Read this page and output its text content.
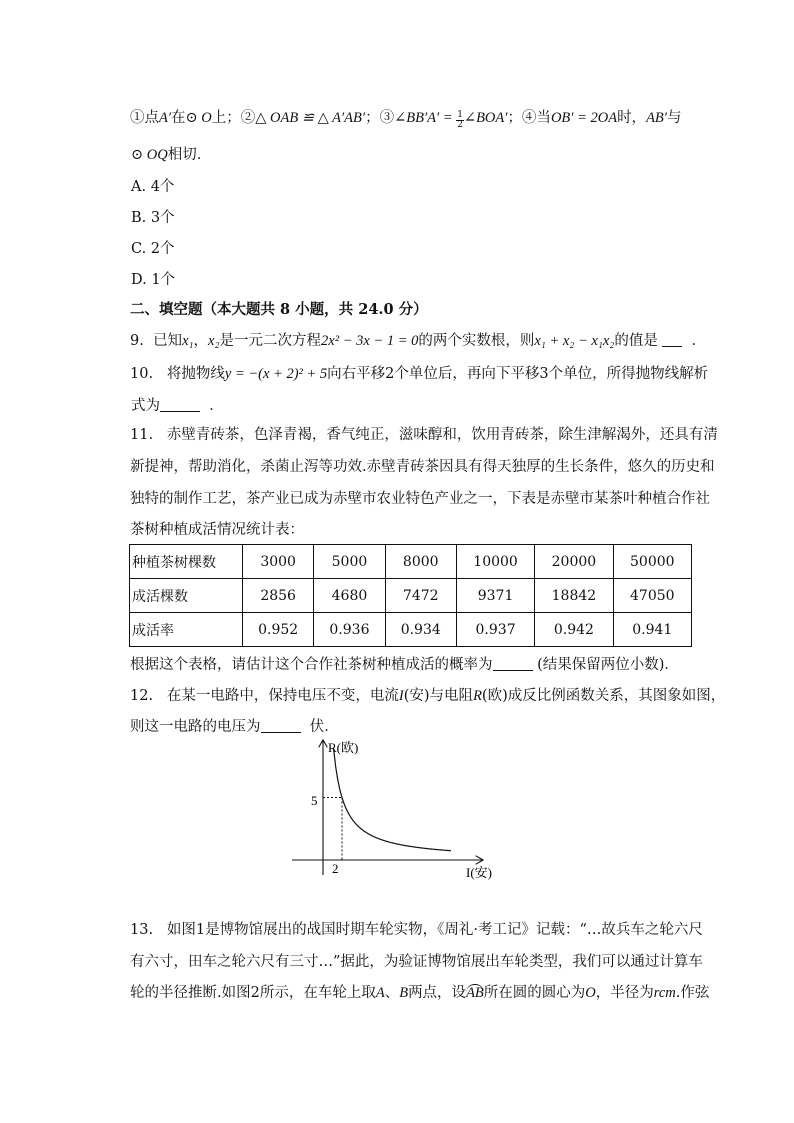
①点A′在⊙ O上；②△ OAB ≌ △ A′AB′；③∠BB′A′ = $\frac{1}{2}$ ∠BOA′；④当OB′ = 2OA时，AB′与
⊙ OQ相切．
A. 4个
B. 3个
C. 2个
D. 1个
二、填空题（本大题共 8 小题，共 24.0 分）
9. 已知x₁，x₂是一元二次方程2x² − 3x − 1 = 0的两个实数根，则x₁ + x₂ − x₁x₂的值是 ．
10. 将抛物线y = −(x + 2)² + 5向右平移2个单位后，再向下平移3个单位，所得抛物线解析
式为	．
11. 赤壁青砖茶，色泽青褐，香气纯正，滋味醇和，饮用青砖茶，除生津解渴外，还具有清
新提神，帮助消化，杀菌止泻等功效.赤壁青砖茶因具有得天独厚的生长条件，悠久的历史和
独特的制作工艺，茶产业已成为赤壁市农业特色产业之一，下表是赤壁市某茶叶种植合作社
茶树种植成活情况统计表：
种植茶树棵数	3000	5000	8000	10000	20000	50000
成活棵数	2856	4680	7472	9371	18842	47050
成活率	0.952	0.936	0.934	0.937	0.942	0.941
根据这个表格，请估计这个合作社茶树种植成活的概率为	(结果保留两位小数)．
12. 在某一电路中，保持电压不变，电流I(安)与电阻R(欧)成反比例函数关系，其图象如图，
则这一电路的电压为	伏．
R(欧)
I(安)
5
2
13. 如图1是博物馆展出的战国时期车轮实物，《周礼·考工记》记载：“…故兵车之轮六尺
有六寸，田车之轮六尺有三寸…”据此，为验证博物馆展出车轮类型，我们可以通过计算车
轮的半径推断.如图2所示，在车轮上取A、B两点，设AB所在圆的圆心为O，半径为rcm.作弦
